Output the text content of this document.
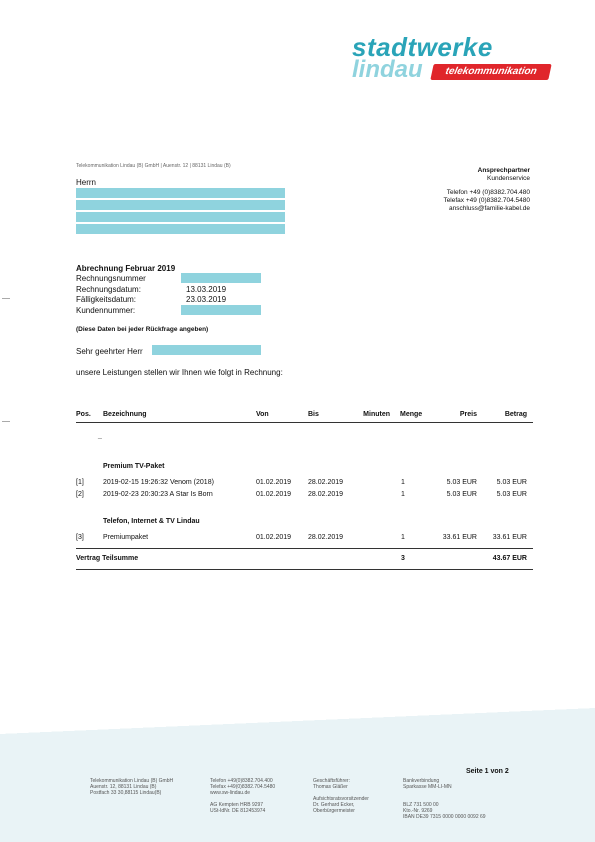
stadtwerke
lindau	telekommunikation
Telekommunikation Lindau (B) GmbH | Auenstr. 12 | 88131 Lindau (B)
Ansprechpartner
Kundenservice
Telefon +49 (0)8382.704.480
Telefax +49 (0)8382.704.5480
anschluss@familie-kabel.de
Herrn
Abrechnung Februar 2019
Rechnungsnummer
Rechnungsdatum:	13.03.2019
Fälligkeitsdatum:	23.03.2019
Kundennummer:
(Diese Daten bei jeder Rückfrage angeben)
Sehr geehrter Herr
unsere Leistungen stellen wir Ihnen wie folgt in Rechnung:
Pos. Bezeichnung	Von	Bis	Minuten Menge	Preis	Betrag
_
Premium TV-Paket
[1]	2019-02-15 19:26:32 Venom (2018)	01.02.2019 28.02.2019	1	5.03 EUR	5.03 EUR
[2]	2019-02-23 20:30:23 A Star Is Born	01.02.2019 28.02.2019	1	5.03 EUR	5.03 EUR
Telefon, Internet & TV Lindau
[3]	Premiumpaket	01.02.2019 28.02.2019	1	33.61 EUR	33.61 EUR
Vertrag Teilsumme	3	43.67 EUR
Seite 1 von 2
Telekommunikation Lindau (B) GmbH
Auenstr. 12, 88131 Lindau (B)
Postfach 33 30,88115 Lindau(B)
Telefon +49(0)8382.704.400
Telefax +49(0)8382.704.5480
www.sw-lindau.de
AG Kempten HRB 9297
USt-IdNr. DE 812453974
Geschäftsführer:
Thomas Gläßer
Aufsichtsratsvorsitzender
Dr. Gerhard Ecker,
Oberbürgermeister
Bankverbindung
Sparkasse MM-LI-MN
BLZ 731 500 00
Kto.-Nr. 9269
IBAN DE39 7315 0000 0000 0092 69
